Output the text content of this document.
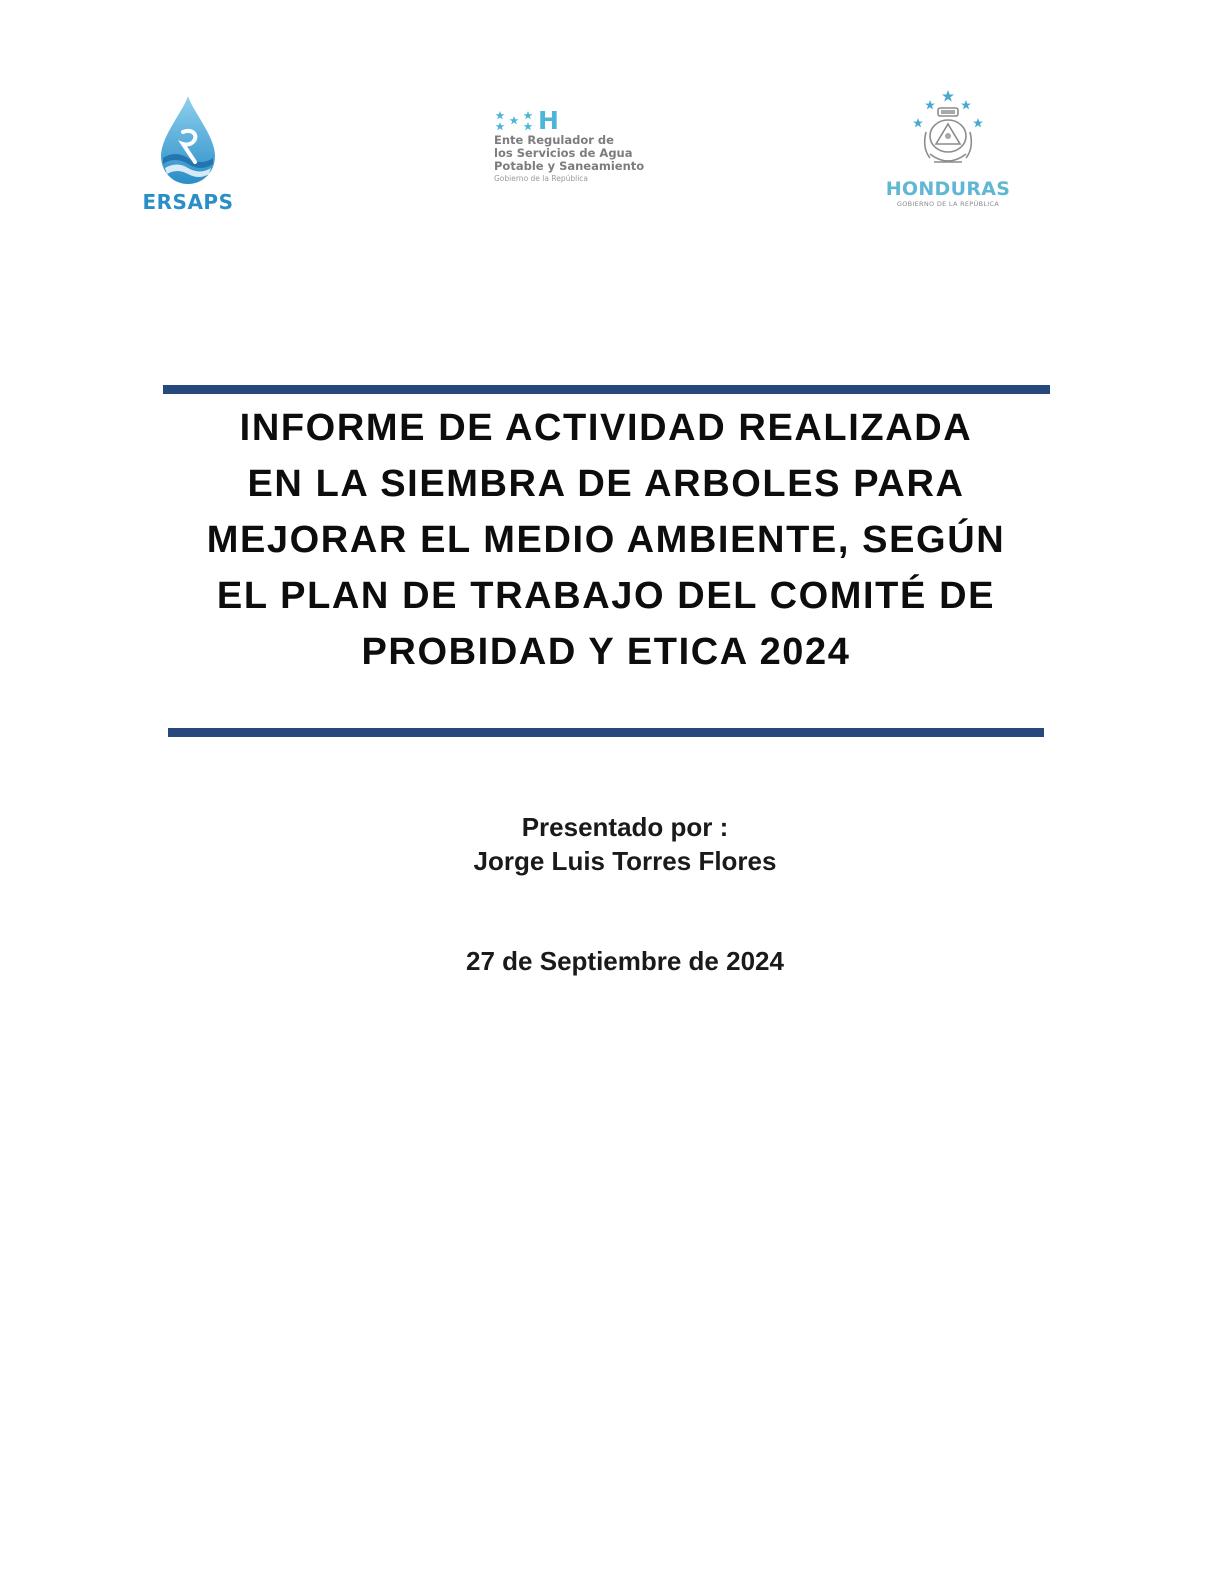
ERSAPS
H
Ente Regulador de
los Servicios de Agua
Potable y Saneamiento
Gobierno de la República	HONDURAS
GOBIERNO DE LA REPÚBLICA
INFORME DE ACTIVIDAD REALIZADA
EN LA SIEMBRA DE ARBOLES PARA
MEJORAR EL MEDIO AMBIENTE, SEGÚN
EL PLAN DE TRABAJO DEL COMITÉ DE
PROBIDAD Y ETICA 2024
Presentado por :
Jorge Luis Torres Flores
27 de Septiembre de 2024
